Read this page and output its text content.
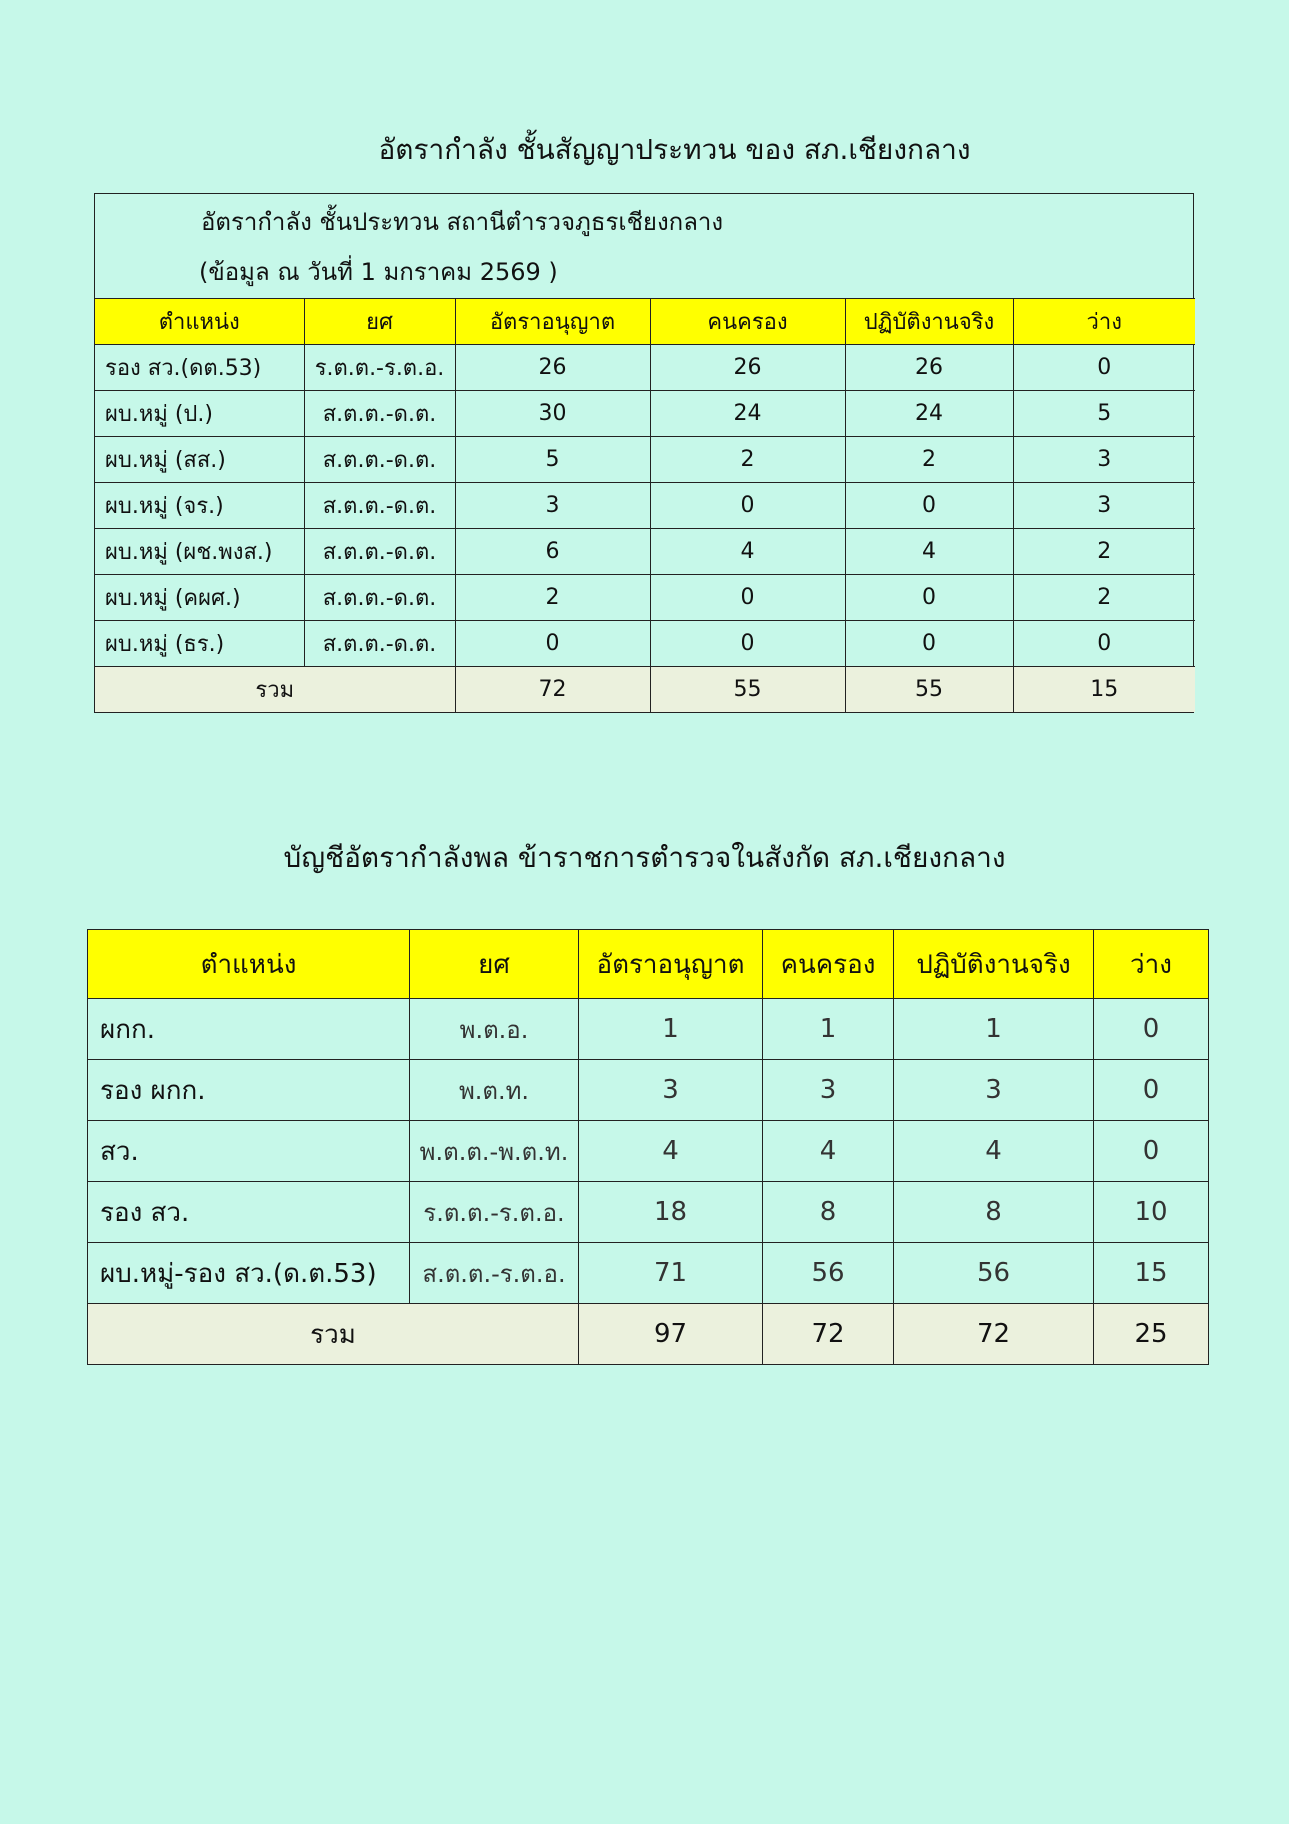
อัตรากำลัง ชั้นสัญญาประทวน ของ สภ.เชียงกลาง
อัตรากำลัง ชั้นประทวน สถานีตำรวจภูธรเชียงกลาง
(ข้อมูล ณ วันที่ 1 มกราคม 2569 )
ตำแหน่ง	ยศ	อัตราอนุญาต	คนครอง	ปฏิบัติงานจริง	ว่าง
รอง สว.(ดต.53)	ร.ต.ต.-ร.ต.อ.	26	26	26	0
ผบ.หมู่ (ป.)	ส.ต.ต.-ด.ต.	30	24	24	5
ผบ.หมู่ (สส.)	ส.ต.ต.-ด.ต.	5	2	2	3
ผบ.หมู่ (จร.)	ส.ต.ต.-ด.ต.	3	0	0	3
ผบ.หมู่ (ผช.พงส.)	ส.ต.ต.-ด.ต.	6	4	4	2
ผบ.หมู่ (คผศ.)	ส.ต.ต.-ด.ต.	2	0	0	2
ผบ.หมู่ (ธร.)	ส.ต.ต.-ด.ต.	0	0	0	0
รวม		72	55	55	15
บัญชีอัตรากำลังพล ข้าราชการตำรวจในสังกัด สภ.เชียงกลาง
ตำแหน่ง	ยศ	อัตราอนุญาต	คนครอง	ปฏิบัติงานจริง	ว่าง
ผกก.	พ.ต.อ.	1	1	1	0
รอง ผกก.	พ.ต.ท.	3	3	3	0
สว.	พ.ต.ต.-พ.ต.ท.	4	4	4	0
รอง สว.	ร.ต.ต.-ร.ต.อ.	18	8	8	10
ผบ.หมู่-รอง สว.(ด.ต.53)	ส.ต.ต.-ร.ต.อ.	71	56	56	15
รวม		97	72	72	25
